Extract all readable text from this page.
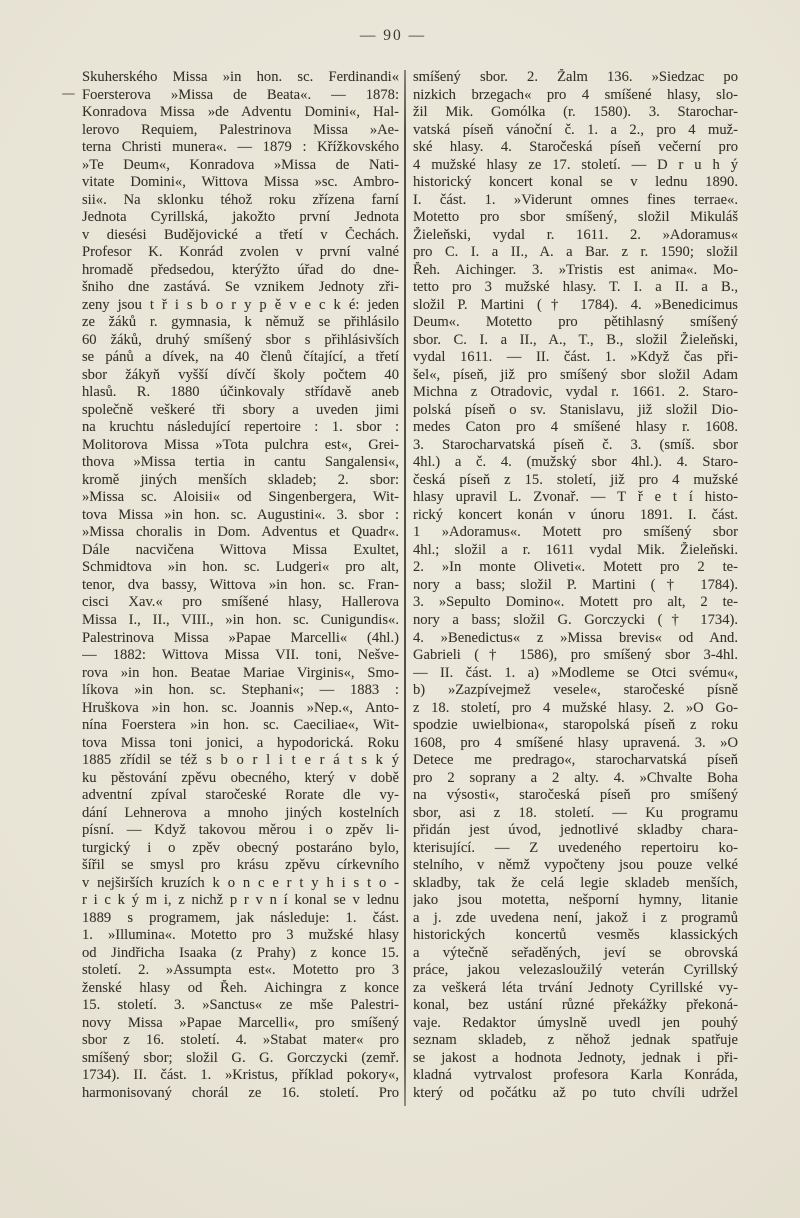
— 90 —
Skuherského Missa »in hon. sc. Ferdinandi«
Foersterova »Missa de Beata«. — 1878:
Konradova Missa »de Adventu Domini«, Hal-
lerovo Requiem, Palestrinova Missa »Ae-
terna Christi munera«. — 1879 : Křížkovského
»Te Deum«, Konradova »Missa de Nati-
vitate Domini«, Wittova Missa »sc. Ambro-
sii«. Na sklonku téhož roku zřízena farní
Jednota Cyrillská, jakožto první Jednota
v diesési Budějovické a třetí v Čechách.
Profesor K. Konrád zvolen v první valné
hromadě předsedou, kterýžto úřad do dne-
šniho dne zastává. Se vznikem Jednoty zři-
zeny jsou t ř i s b o r y p ě v e c k é: jeden
ze žáků r. gymnasia, k němuž se přihlásilo
60 žáků, druhý smíšený sbor s přihlásivších
se pánů a dívek, na 40 členů čítající, a třetí
sbor žákyň vyšší dívčí školy počtem 40
hlasů. R. 1880 účinkovaly střídavě aneb
společně veškeré tři sbory a uveden jimi
na kruchtu následující repertoire : 1. sbor :
Molitorova Missa »Tota pulchra est«, Grei-
thova »Missa tertia in cantu Sangalensi«,
kromě jiných menších skladeb; 2. sbor:
»Missa sc. Aloisii« od Singenbergera, Wit-
tova Missa »in hon. sc. Augustini«. 3. sbor :
»Missa choralis in Dom. Adventus et Quadr«.
Dále nacvičena Wittova Missa Exultet,
Schmidtova »in hon. sc. Ludgeri« pro alt,
tenor, dva bassy, Wittova »in hon. sc. Fran-
cisci Xav.« pro smíšené hlasy, Hallerova
Missa I., II., VIII., »in hon. sc. Cunigundis«.
Palestrinova Missa »Papae Marcelli« (4hl.)
— 1882: Wittova Missa VII. toni, Nešve-
rova »in hon. Beatae Mariae Virginis«, Smo-
líkova »in hon. sc. Stephani«; — 1883 :
Hruškova »in hon. sc. Joannis »Nep.«, Anto-
nína Foerstera »in hon. sc. Caeciliae«, Wit-
tova Missa toni jonici, a hypodorická. Roku
1885 zřídil se též s b o r l i t e r á t s k ý
ku pěstování zpěvu obecného, který v době
adventní zpíval staročeské Rorate dle vy-
dání Lehnerova a mnoho jiných kostelních
písní. — Když takovou měrou i o zpěv li-
turgický i o zpěv obecný postaráno bylo,
šířil se smysl pro krásu zpěvu církevního
v nejširších kruzích k o n c e r t y h i s t o -
r i c k ý m i, z nichž p r v n í konal se v lednu
1889 s programem, jak následuje: 1. část.
1. »Illumina«. Motetto pro 3 mužské hlasy
od Jindřicha Isaaka (z Prahy) z konce 15.
století. 2. »Assumpta est«. Motetto pro 3
ženské hlasy od Řeh. Aichingra z konce
15. století. 3. »Sanctus« ze mše Palestri-
novy Missa »Papae Marcelli«, pro smíšený
sbor z 16. století. 4. »Stabat mater« pro
smíšený sbor; složil G. G. Gorczycki (zemř.
1734). II. část. 1. »Kristus, příklad pokory«,
harmonisovaný chorál ze 16. století. Pro
smíšený sbor. 2. Žalm 136. »Siedzac po
nizkich brzegach« pro 4 smíšené hlasy, slo-
žil Mik. Gomólka (r. 1580). 3. Starochar-
vatská píseň vánoční č. 1. a 2., pro 4 muž-
ské hlasy. 4. Staročeská píseň večerní pro
4 mužské hlasy ze 17. století. — D r u h ý
historický koncert konal se v lednu 1890.
I. část. 1. »Viderunt omnes fines terrae«.
Motetto pro sbor smíšený, složil Mikuláš
Žieleňski, vydal r. 1611. 2. »Adoramus«
pro C. I. a II., A. a Bar. z r. 1590; složil
Řeh. Aichinger. 3. »Tristis est anima«. Mo-
tetto pro 3 mužské hlasy. T. I. a II. a B.,
složil P. Martini († 1784). 4. »Benedicimus
Deum«. Motetto pro pětihlasný smíšený
sbor. C. I. a II., A., T., B., složil Žieleňski,
vydal 1611. — II. část. 1. »Když čas při-
šel«, píseň, již pro smíšený sbor složil Adam
Michna z Otradovic, vydal r. 1661. 2. Staro-
polská píseň o sv. Stanislavu, již složil Dio-
medes Caton pro 4 smíšené hlasy r. 1608.
3. Starocharvatská píseň č. 3. (smíš. sbor
4hl.) a č. 4. (mužský sbor 4hl.). 4. Staro-
česká píseň z 15. století, již pro 4 mužské
hlasy upravil L. Zvonař. — T ř e t í histo-
rický koncert konán v únoru 1891. I. část.
1 »Adoramus«. Motett pro smíšený sbor
4hl.; složil a r. 1611 vydal Mik. Žieleňski.
2. »In monte Oliveti«. Motett pro 2 te-
nory a bass; složil P. Martini († 1784).
3. »Sepulto Domino«. Motett pro alt, 2 te-
nory a bass; složil G. Gorczycki († 1734).
4. »Benedictus« z »Missa brevis« od And.
Gabrieli († 1586), pro smíšený sbor 3-4hl.
— II. část. 1. a) »Modleme se Otci svému«,
b) »Zazpívejmež vesele«, staročeské písně
z 18. století, pro 4 mužské hlasy. 2. »O Go-
spodzie uwielbiona«, staropolská píseň z roku
1608, pro 4 smíšené hlasy upravená. 3. »O
Detece me predrago«, starocharvatská píseň
pro 2 soprany a 2 alty. 4. »Chvalte Boha
na výsosti«, staročeská píseň pro smíšený
sbor, asi z 18. století. — Ku programu
přidán jest úvod, jednotlivé skladby chara-
kterisující. — Z uvedeného repertoiru ko-
stelního, v němž vypočteny jsou pouze velké
skladby, tak že celá legie skladeb menších,
jako jsou motetta, nešporní hymny, litanie
a j. zde uvedena není, jakož i z programů
historických koncertů vesměs klassických
a výtečně seřaděných, jeví se obrovská
práce, jakou velezasloužilý veterán Cyrillský
za veškerá léta trvání Jednoty Cyrillské vy-
konal, bez ustání různé překážky překoná-
vaje. Redaktor úmyslně uvedl jen pouhý
seznam skladeb, z něhož jednak spatřuje
se jakost a hodnota Jednoty, jednak i při-
kladná vytrvalost profesora Karla Konráda,
který od počátku až po tuto chvíli udržel
